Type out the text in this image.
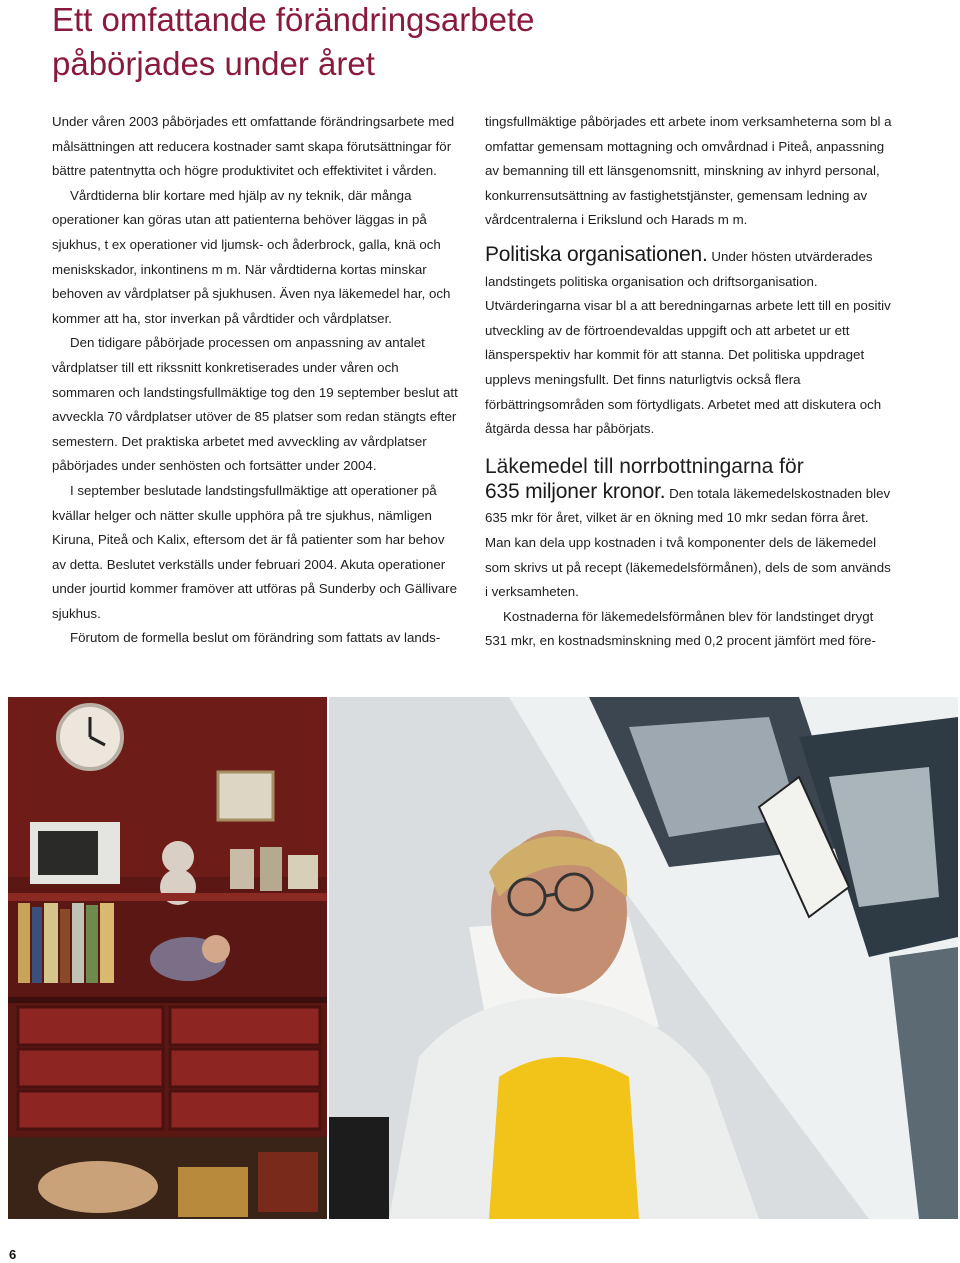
Ett omfattande förändringsarbete
påbörjades under året

Under våren 2003 påbörjades ett omfattande förändringsarbete med målsättningen att reducera kostnader samt skapa förutsättningar för bättre patentnytta och högre produktivitet och effektivitet i vården.

Vårdtiderna blir kortare med hjälp av ny teknik, där många operationer kan göras utan att patienterna behöver läggas in på sjukhus, t ex operationer vid ljumsk- och åderbrock, galla, knä och meniskskador, inkontinens m m. När vårdtiderna kortas minskar behoven av vårdplatser på sjukhusen. Även nya läkemedel har, och kommer att ha, stor inverkan på vårdtider och vårdplatser.

Den tidigare påbörjade processen om anpassning av antalet vårdplatser till ett rikssnitt konkretiserades under våren och sommaren och landstingsfullmäktige tog den 19 september beslut att avveckla 70 vårdplatser utöver de 85 platser som redan stängts efter semestern. Det praktiska arbetet med avveckling av vårdplatser påbörjades under senhösten och fortsätter under 2004.

I september beslutade landstingsfullmäktige att operationer på kvällar helger och nätter skulle upphöra på tre sjukhus, nämligen Kiruna, Piteå och Kalix, eftersom det är få patienter som har behov av detta. Beslutet verkställs under februari 2004. Akuta operationer under jourtid kommer framöver att utföras på Sunderby och Gällivare sjukhus.

Förutom de formella beslut om förändring som fattats av lands-

tingsfullmäktige påbörjades ett arbete inom verksamheterna som bl a omfattar gemensam mottagning och omvårdnad i Piteå, anpassning av bemanning till ett länsgenomsnitt, minskning av inhyrd personal, konkurrensutsättning av fastighetstjänster, gemensam ledning av vårdcentralerna i Erikslund och Harads m m.

Politiska organisationen. Under hösten utvärderades landstingets politiska organisation och driftsorganisation. Utvärderingarna visar bl a att beredningarnas arbete lett till en positiv utveckling av de förtroendevaldas uppgift och att arbetet ur ett länsperspektiv har kommit för att stanna. Det politiska uppdraget upplevs meningsfullt. Det finns naturligtvis också flera förbättringsområden som förtydligats. Arbetet med att diskutera och åtgärda dessa har påbörjats.

Läkemedel till norrbottningarna för
635 miljoner kronor. Den totala läkemedelskostnaden blev 635 mkr för året, vilket är en ökning med 10 mkr sedan förra året. Man kan dela upp kostnaden i två komponenter dels de läkemedel som skrivs ut på recept (läkemedelsförmånen), dels de som används i verksamheten.

Kostnaderna för läkemedelsförmånen blev för landstinget drygt 531 mkr, en kostnadsminskning med 0,2 procent jämfört med före-

6
